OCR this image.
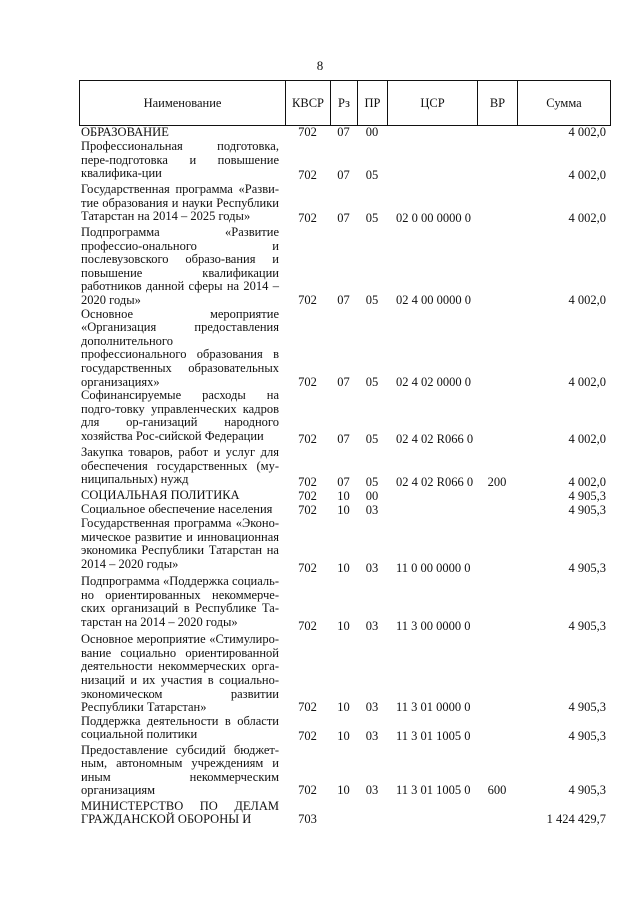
8
Наименование	КВСР	Рз	ПР	ЦСР	ВР	Сумма
ОБРАЗОВАНИЕ	702	07	00			4 002,0
Профессиональная подготовка, пере-подготовка и повышение квалифика-ции	702	07	05			4 002,0
Государственная программа «Разви-тие образования и науки Республики Татарстан на 2014 – 2025 годы»	702	07	05	02 0 00 0000 0		4 002,0
Подпрограмма «Развитие профессио-онального и послевузовского образо-вания и повышение квалификации работников данной сферы на 2014 – 2020 годы»	702	07	05	02 4 00 0000 0		4 002,0
Основное мероприятие «Организация предоставления дополнительного профессионального образования в государственных образовательных организациях»	702	07	05	02 4 02 0000 0		4 002,0
Софинансируемые расходы на подго-товку управленческих кадров для ор-ганизаций народного хозяйства Рос-сийской Федерации	702	07	05	02 4 02 R066 0		4 002,0
Закупка товаров, работ и услуг для обеспечения государственных (му-ниципальных) нужд	702	07	05	02 4 02 R066 0	200	4 002,0
СОЦИАЛЬНАЯ ПОЛИТИКА	702	10	00			4 905,3
Социальное обеспечение населения	702	10	03			4 905,3
Государственная программа «Эконо-мическое развитие и инновационная экономика Республики Татарстан на 2014 – 2020 годы»	702	10	03	11 0 00 0000 0		4 905,3
Подпрограмма «Поддержка социаль-но ориентированных некоммерче-ских организаций в Республике Та-тарстан на 2014 – 2020 годы»	702	10	03	11 3 00 0000 0		4 905,3
Основное мероприятие «Стимулиро-вание социально ориентированной деятельности некоммерческих орга-низаций и их участия в социально-экономическом развитии Республики Татарстан»	702	10	03	11 3 01 0000 0		4 905,3
Поддержка деятельности в области социальной политики	702	10	03	11 3 01 1005 0		4 905,3
Предоставление субсидий бюджет-ным, автономным учреждениям и иным некоммерческим организациям	702	10	03	11 3 01 1005 0	600	4 905,3
МИНИСТЕРСТВО ПО ДЕЛАМ ГРАЖДАНСКОЙ ОБОРОНЫ И	703					1 424 429,7
